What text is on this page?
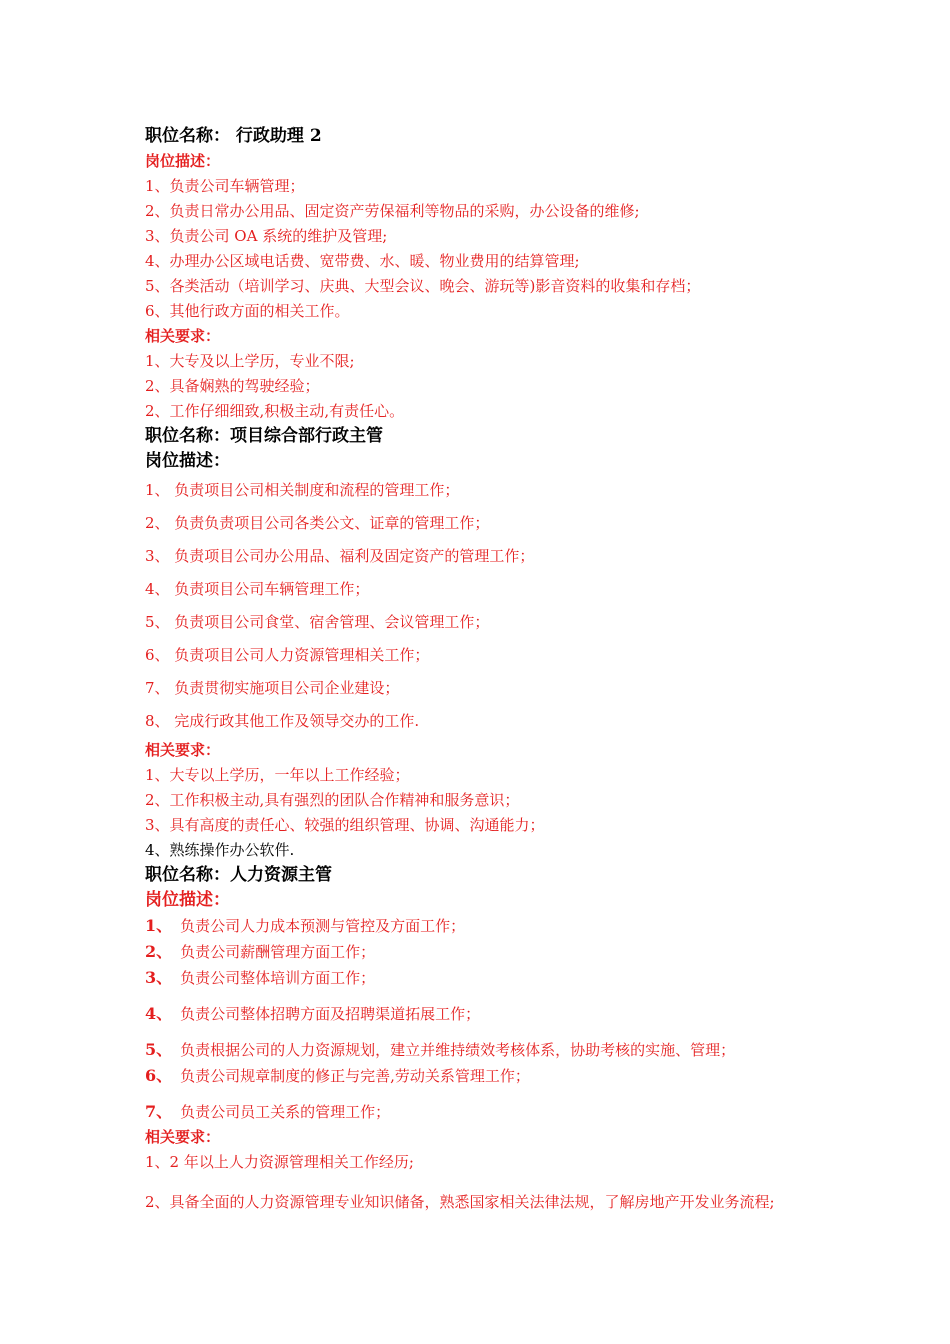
职位名称： 行政助理 2

岗位描述：

1、负责公司车辆管理；

2、负责日常办公用品、固定资产劳保福利等物品的采购，办公设备的维修;

3、负责公司 OA 系统的维护及管理;

4、办理办公区域电话费、宽带费、水、暖、物业费用的结算管理;

5、各类活动（培训学习、庆典、大型会议、晚会、游玩等)影音资料的收集和存档；

6、其他行政方面的相关工作。

相关要求：

1、大专及以上学历，专业不限;

2、具备娴熟的驾驶经验；

2、工作仔细细致,积极主动,有责任心。

职位名称：项目综合部行政主管

岗位描述：

1、 负责项目公司相关制度和流程的管理工作；

2、 负责负责项目公司各类公文、证章的管理工作；

3、 负责项目公司办公用品、福利及固定资产的管理工作；

4、 负责项目公司车辆管理工作；

5、 负责项目公司食堂、宿舍管理、会议管理工作；

6、 负责项目公司人力资源管理相关工作；

7、 负责贯彻实施项目公司企业建设；

8、 完成行政其他工作及领导交办的工作.

相关要求：

1、大专以上学历，一年以上工作经验；

2、工作积极主动,具有强烈的团队合作精神和服务意识；

3、具有高度的责任心、较强的组织管理、协调、沟通能力；

4、熟练操作办公软件.

职位名称：人力资源主管

岗位描述：

1、 负责公司人力成本预测与管控及方面工作；

2、 负责公司薪酬管理方面工作；

3、 负责公司整体培训方面工作；

4、 负责公司整体招聘方面及招聘渠道拓展工作；

5、 负责根据公司的人力资源规划，建立并维持绩效考核体系，协助考核的实施、管理；

6、 负责公司规章制度的修正与完善,劳动关系管理工作；

7、 负责公司员工关系的管理工作；

相关要求：

1、2 年以上人力资源管理相关工作经历;

2、具备全面的人力资源管理专业知识储备，熟悉国家相关法律法规，了解房地产开发业务流程;
